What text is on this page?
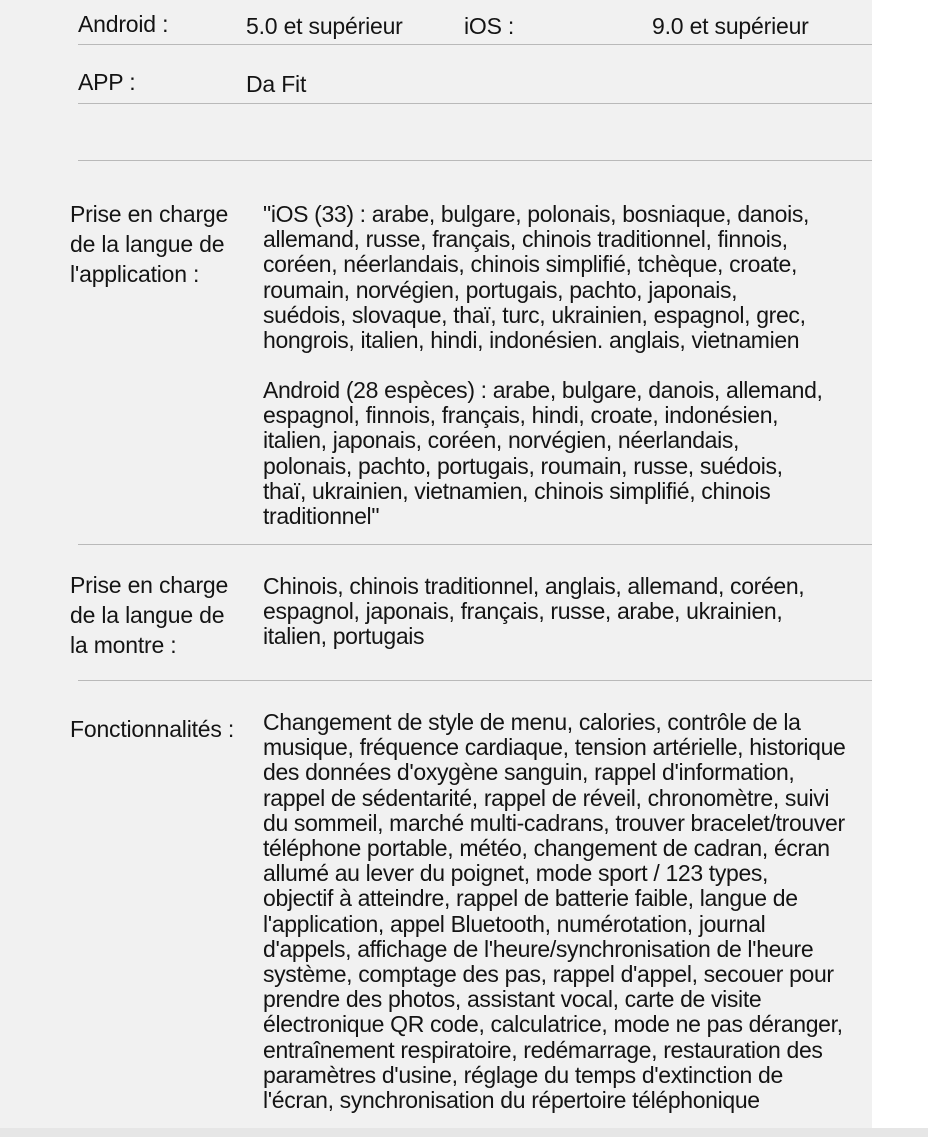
Android :	5.0 et supérieur	iOS :	9.0 et supérieur

APP :	Da Fit

Prise en charge
de la langue de
l'application :

"iOS (33) : arabe, bulgare, polonais, bosniaque, danois,
allemand, russe, français, chinois traditionnel, finnois,
coréen, néerlandais, chinois simplifié, tchèque, croate,
roumain, norvégien, portugais, pachto, japonais,
suédois, slovaque, thaï, turc, ukrainien, espagnol, grec,
hongrois, italien, hindi, indonésien. anglais, vietnamien

Android (28 espèces) : arabe, bulgare, danois, allemand,
espagnol, finnois, français, hindi, croate, indonésien,
italien, japonais, coréen, norvégien, néerlandais,
polonais, pachto, portugais, roumain, russe, suédois,
thaï, ukrainien, vietnamien, chinois simplifié, chinois
traditionnel"

Prise en charge
de la langue de
la montre :

Chinois, chinois traditionnel, anglais, allemand, coréen,
espagnol, japonais, français, russe, arabe, ukrainien,
italien, portugais

Fonctionnalités : Changement de style de menu, calories, contrôle de la
musique, fréquence cardiaque, tension artérielle, historique
des données d'oxygène sanguin, rappel d'information,
rappel de sédentarité, rappel de réveil, chronomètre, suivi
du sommeil, marché multi-cadrans, trouver bracelet/trouver
téléphone portable, météo, changement de cadran, écran
allumé au lever du poignet, mode sport / 123 types,
objectif à atteindre, rappel de batterie faible, langue de
l'application, appel Bluetooth, numérotation, journal
d'appels, affichage de l'heure/synchronisation de l'heure
système, comptage des pas, rappel d'appel, secouer pour
prendre des photos, assistant vocal, carte de visite
électronique QR code, calculatrice, mode ne pas déranger,
entraînement respiratoire, redémarrage, restauration des
paramètres d'usine, réglage du temps d'extinction de
l'écran, synchronisation du répertoire téléphonique
